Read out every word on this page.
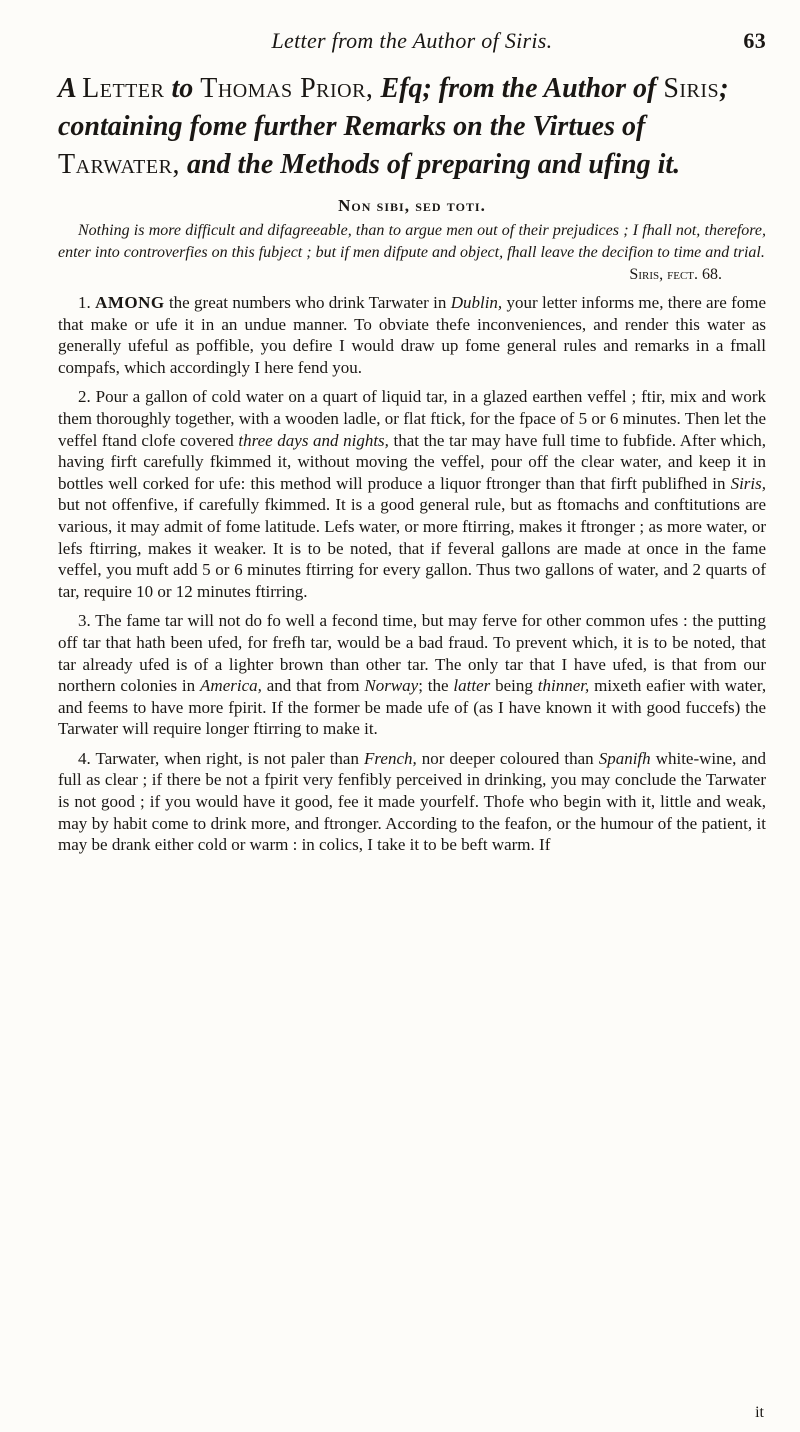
Letter from the Author of Siris.	63
A Letter to Thomas Prior, Efq; from the Author of Siris; containing fome further Remarks on the Virtues of Tarwater, and the Methods of preparing and ufing it.
Non sibi, sed toti.
Nothing is more difficult and difagreeable, than to argue men out of their prejudices ; I fhall not, therefore, enter into controverfies on this fubject ; but if men difpute and object, fhall leave the decifion to time and trial.
Siris, fect. 68.

1. AMONG the great numbers who drink Tarwater in Dublin, your letter informs me, there are fome that make or ufe it in an undue manner. To obviate thefe inconveniences, and render this water as generally ufeful as poffible, you defire I would draw up fome general rules and remarks in a fmall compafs, which accordingly I here fend you.

2. Pour a gallon of cold water on a quart of liquid tar, in a glazed earthen veffel ; ftir, mix and work them thoroughly together, with a wooden ladle, or flat ftick, for the fpace of 5 or 6 minutes. Then let the veffel ftand clofe covered three days and nights, that the tar may have full time to fubfide. After which, having firft carefully fkimmed it, without moving the veffel, pour off the clear water, and keep it in bottles well corked for ufe: this method will produce a liquor ftronger than that firft publifhed in Siris, but not offenfive, if carefully fkimmed. It is a good general rule, but as ftomachs and conftitutions are various, it may admit of fome latitude. Lefs water, or more ftirring, makes it ftronger ; as more water, or lefs ftirring, makes it weaker. It is to be noted, that if feveral gallons are made at once in the fame veffel, you muft add 5 or 6 minutes ftirring for every gallon. Thus two gallons of water, and 2 quarts of tar, require 10 or 12 minutes ftirring.

3. The fame tar will not do fo well a fecond time, but may ferve for other common ufes : the putting off tar that hath been ufed, for frefh tar, would be a bad fraud. To prevent which, it is to be noted, that tar already ufed is of a lighter brown than other tar. The only tar that I have ufed, is that from our northern colonies in America, and that from Norway; the latter being thinner, mixeth eafier with water, and feems to have more fpirit. If the former be made ufe of (as I have known it with good fuccefs) the Tarwater will require longer ftirring to make it.

4. Tarwater, when right, is not paler than French, nor deeper coloured than Spanifh white-wine, and full as clear ; if there be not a fpirit very fenfibly perceived in drinking, you may conclude the Tarwater is not good ; if you would have it good, fee it made yourfelf. Thofe who begin with it, little and weak, may by habit come to drink more, and ftronger. According to the feafon, or the humour of the patient, it may be drank either cold or warm : in colics, I take it to be beft warm. If

it
